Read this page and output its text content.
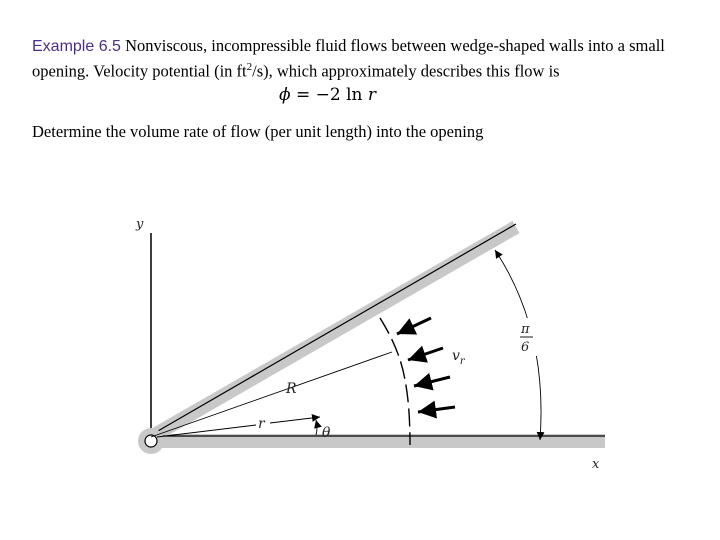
Example 6.5 Nonviscous, incompressible fluid flows between wedge-shaped walls into a small opening. Velocity potential (in $ft^2/s$), which approximately describes this flow is
ϕ = −2 ln r
Determine the volume rate of flow (per unit length) into the opening
y
x
R
r
θ
$v_r$
π
6
